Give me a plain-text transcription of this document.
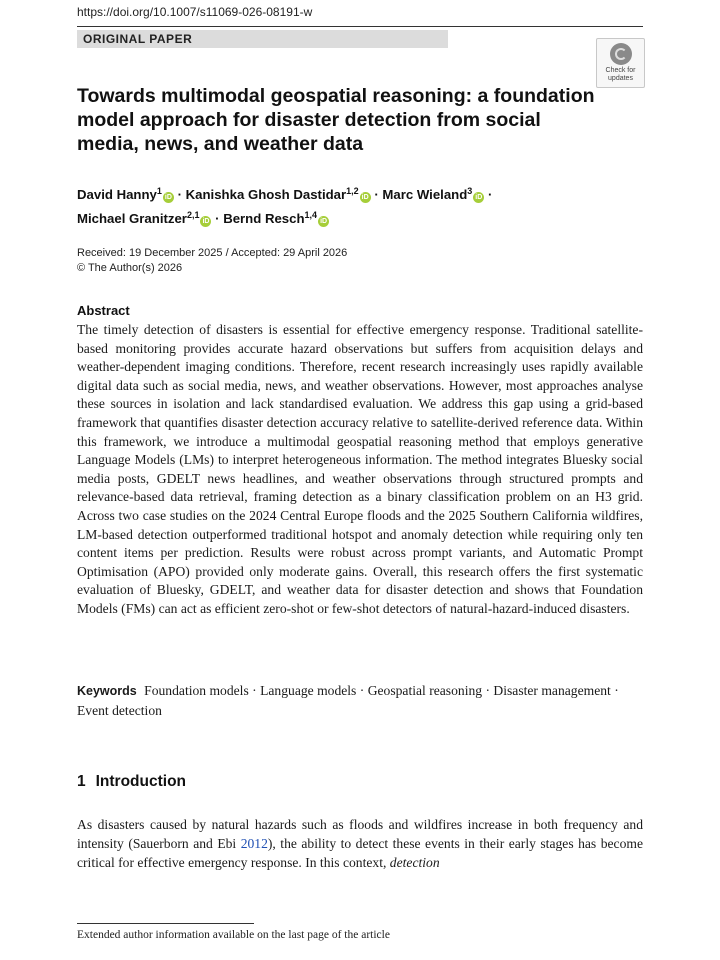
https://doi.org/10.1007/s11069-026-08191-w
ORIGINAL PAPER
Check for
updates
Towards multimodal geospatial reasoning: a foundation model approach for disaster detection from social media, news, and weather data
David Hanny$^1$iD · Kanishka Ghosh Dastidar$^{1,2}$iD · Marc Wieland$^3$iD ·
Michael Granitzer$^{2,1}$iD · Bernd Resch$^{1,4}$iD
Received: 19 December 2025 / Accepted: 29 April 2026
© The Author(s) 2026
Abstract

The timely detection of disasters is essential for effective emergency response. Traditional satellite-based monitoring provides accurate hazard observations but suffers from acquisition delays and weather-dependent imaging conditions. Therefore, recent research increasingly uses rapidly available digital data such as social media, news, and weather observations. However, most approaches analyse these sources in isolation and lack standardised evaluation. We address this gap using a grid-based framework that quantifies disaster detection accuracy relative to satellite-derived reference data. Within this framework, we introduce a multimodal geospatial reasoning method that employs generative Language Models (LMs) to interpret heterogeneous information. The method integrates Bluesky social media posts, GDELT news headlines, and weather observations through structured prompts and relevance-based data retrieval, framing detection as a binary classification problem on an H3 grid. Across two case studies on the 2024 Central Europe floods and the 2025 Southern California wildfires, LM-based detection outperformed traditional hotspot and anomaly detection while requiring only ten content items per prediction. Results were robust across prompt variants, and Automatic Prompt Optimisation (APO) provided only moderate gains. Overall, this research offers the first systematic evaluation of Bluesky, GDELT, and weather data for disaster detection and shows that Foundation Models (FMs) can act as efficient zero-shot or few-shot detectors of natural-hazard-induced disasters.

Keywords Foundation models · Language models · Geospatial reasoning · Disaster management · Event detection
1 Introduction

As disasters caused by natural hazards such as floods and wildfires increase in both frequency and intensity (Sauerborn and Ebi 2012), the ability to detect these events in their early stages has become critical for effective emergency response. In this context, detection

Extended author information available on the last page of the article
